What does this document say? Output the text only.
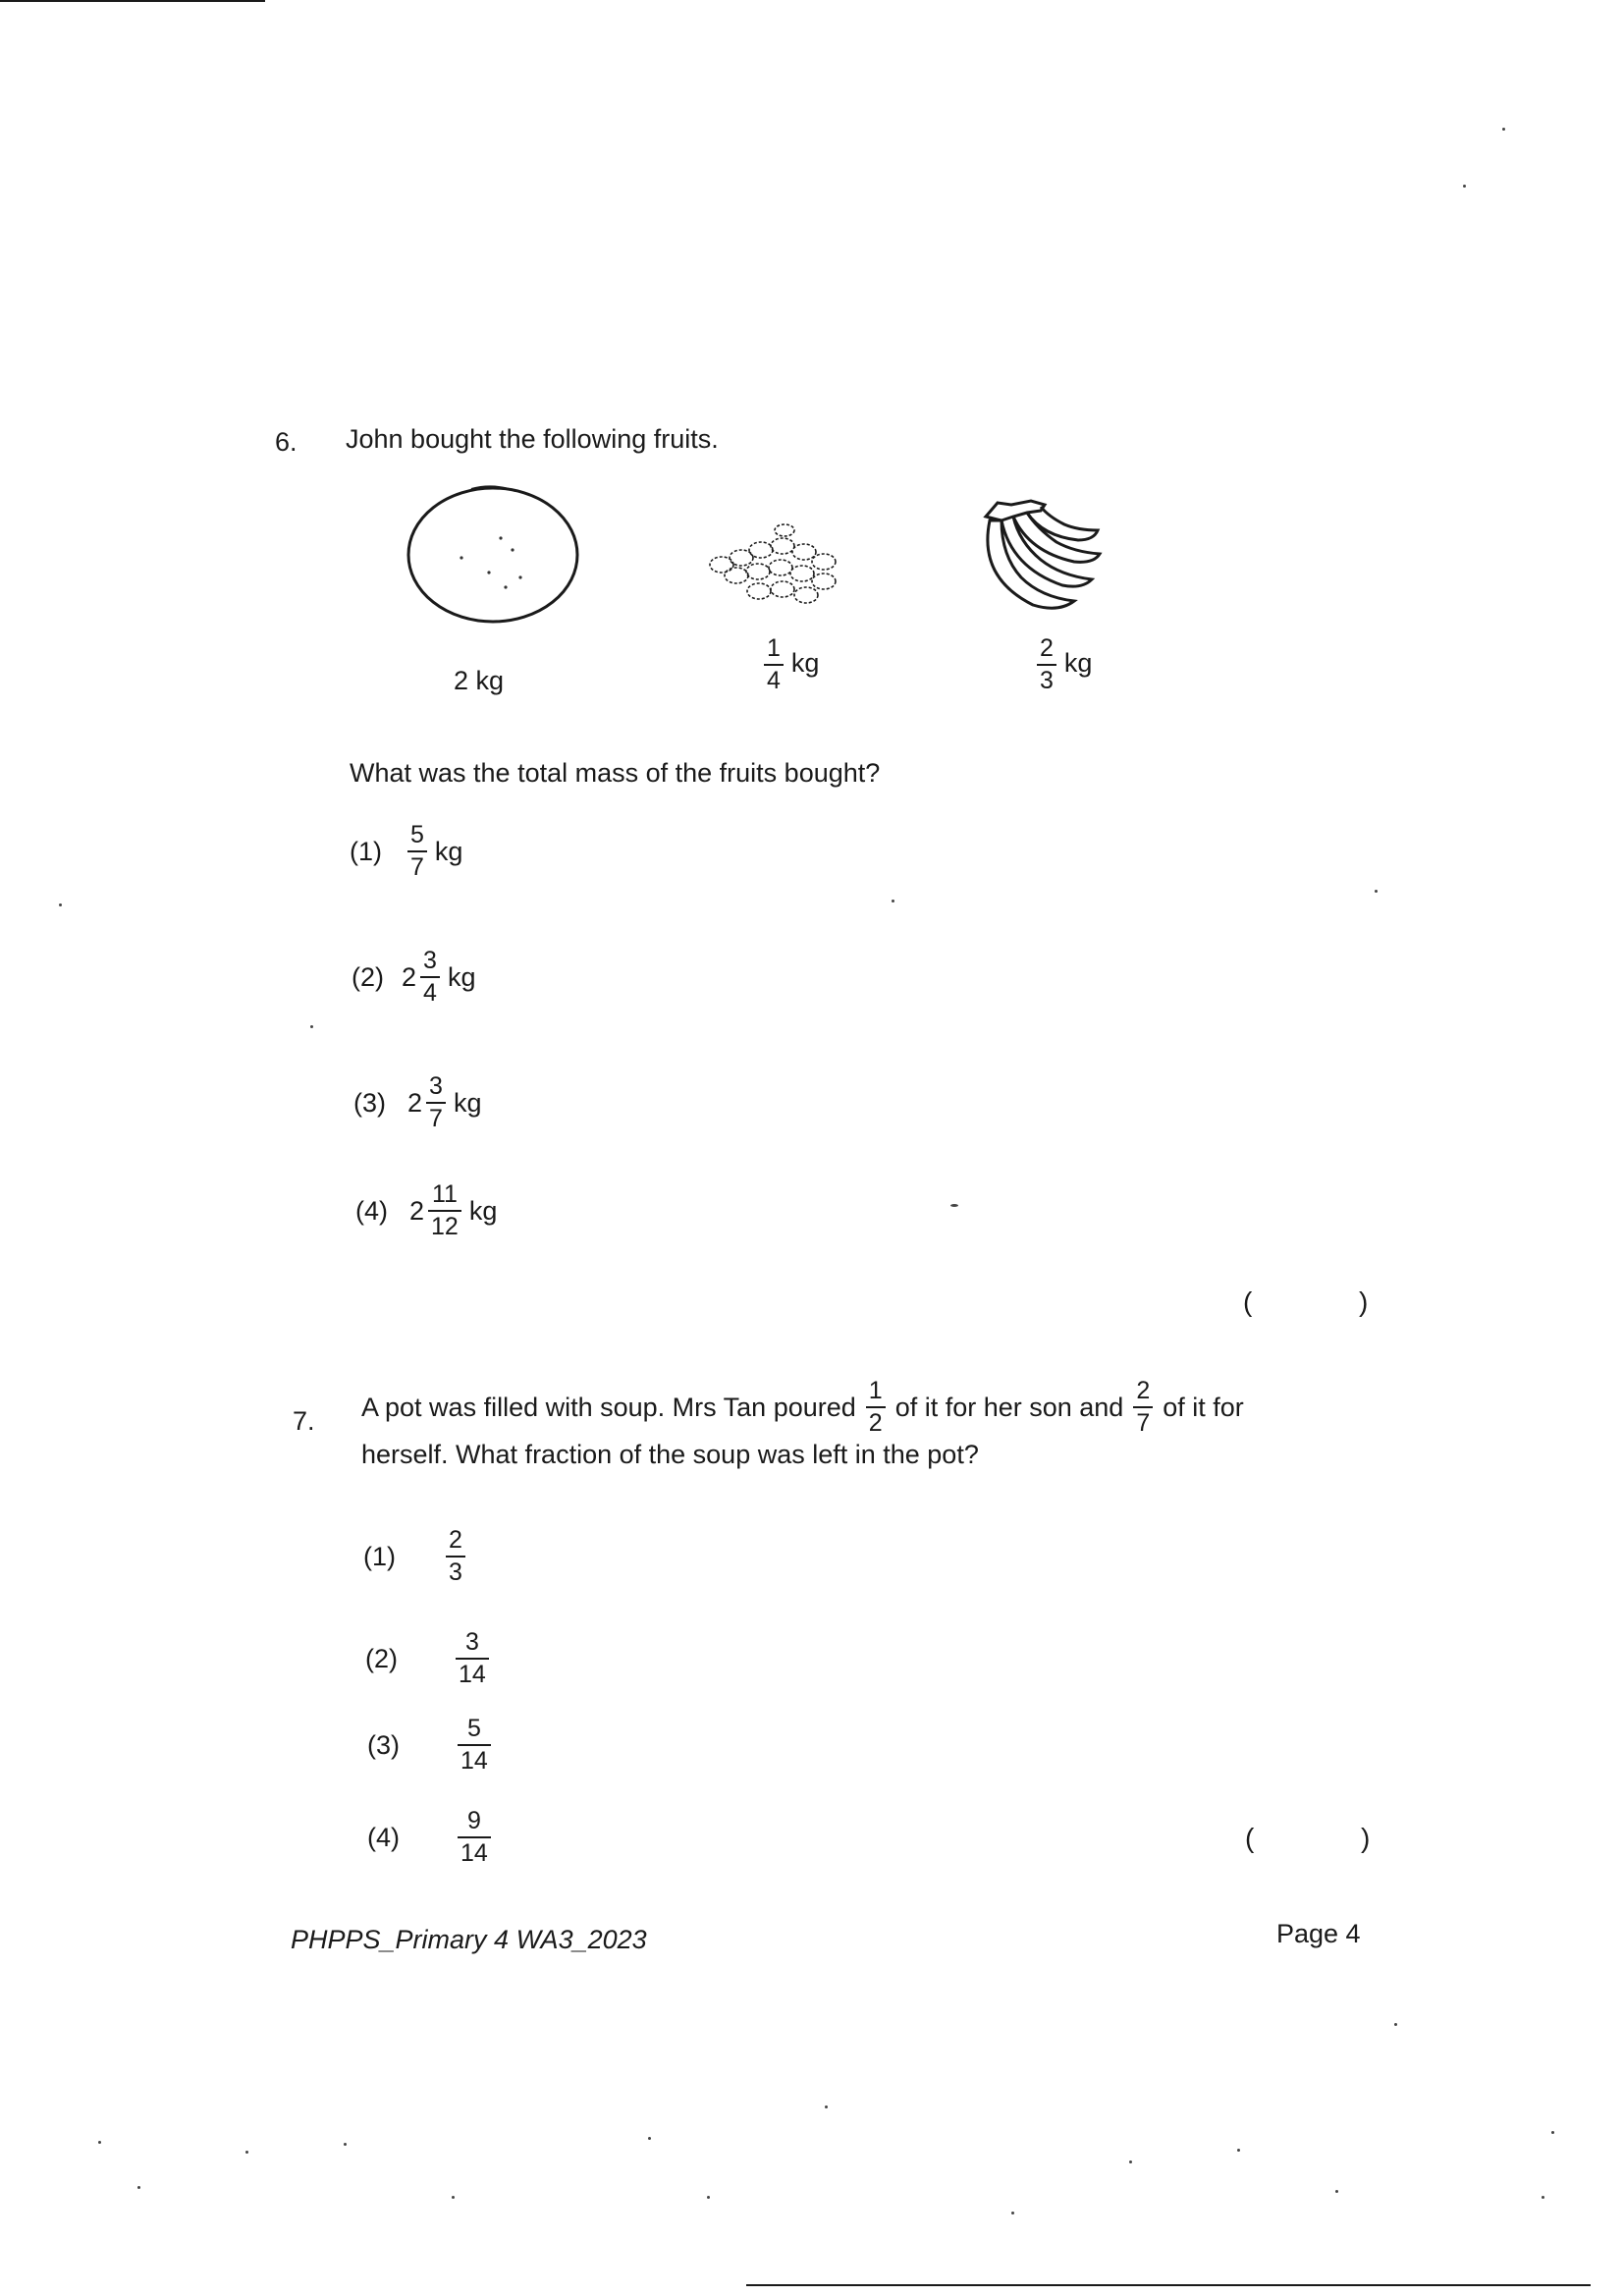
6. John bought the following fruits.
2 kg	$\frac{1}{4}$ kg	$\frac{2}{3}$ kg
What was the total mass of the fruits bought?
$(1) \frac{5}{7}$ kg
(2) $2 \frac{3}{4}$ kg
(3) $2 \frac{3}{7}$ kg
(4) $2 \frac{11}{12}$ kg
(	)
7. A pot was filled with soup. Mrs Tan poured $\frac{1}{2}$ of it for her son and $\frac{2}{7}$ of it for
herself. What fraction of the soup was left in the pot?
(1)	$\frac{2}{3}$
(2)	$\frac{3}{14}$
(3)	$\frac{5}{14}$
(4)	$\frac{9}{14}$	(	)
PHPPS_Primary 4 WA3_2023	Page 4
